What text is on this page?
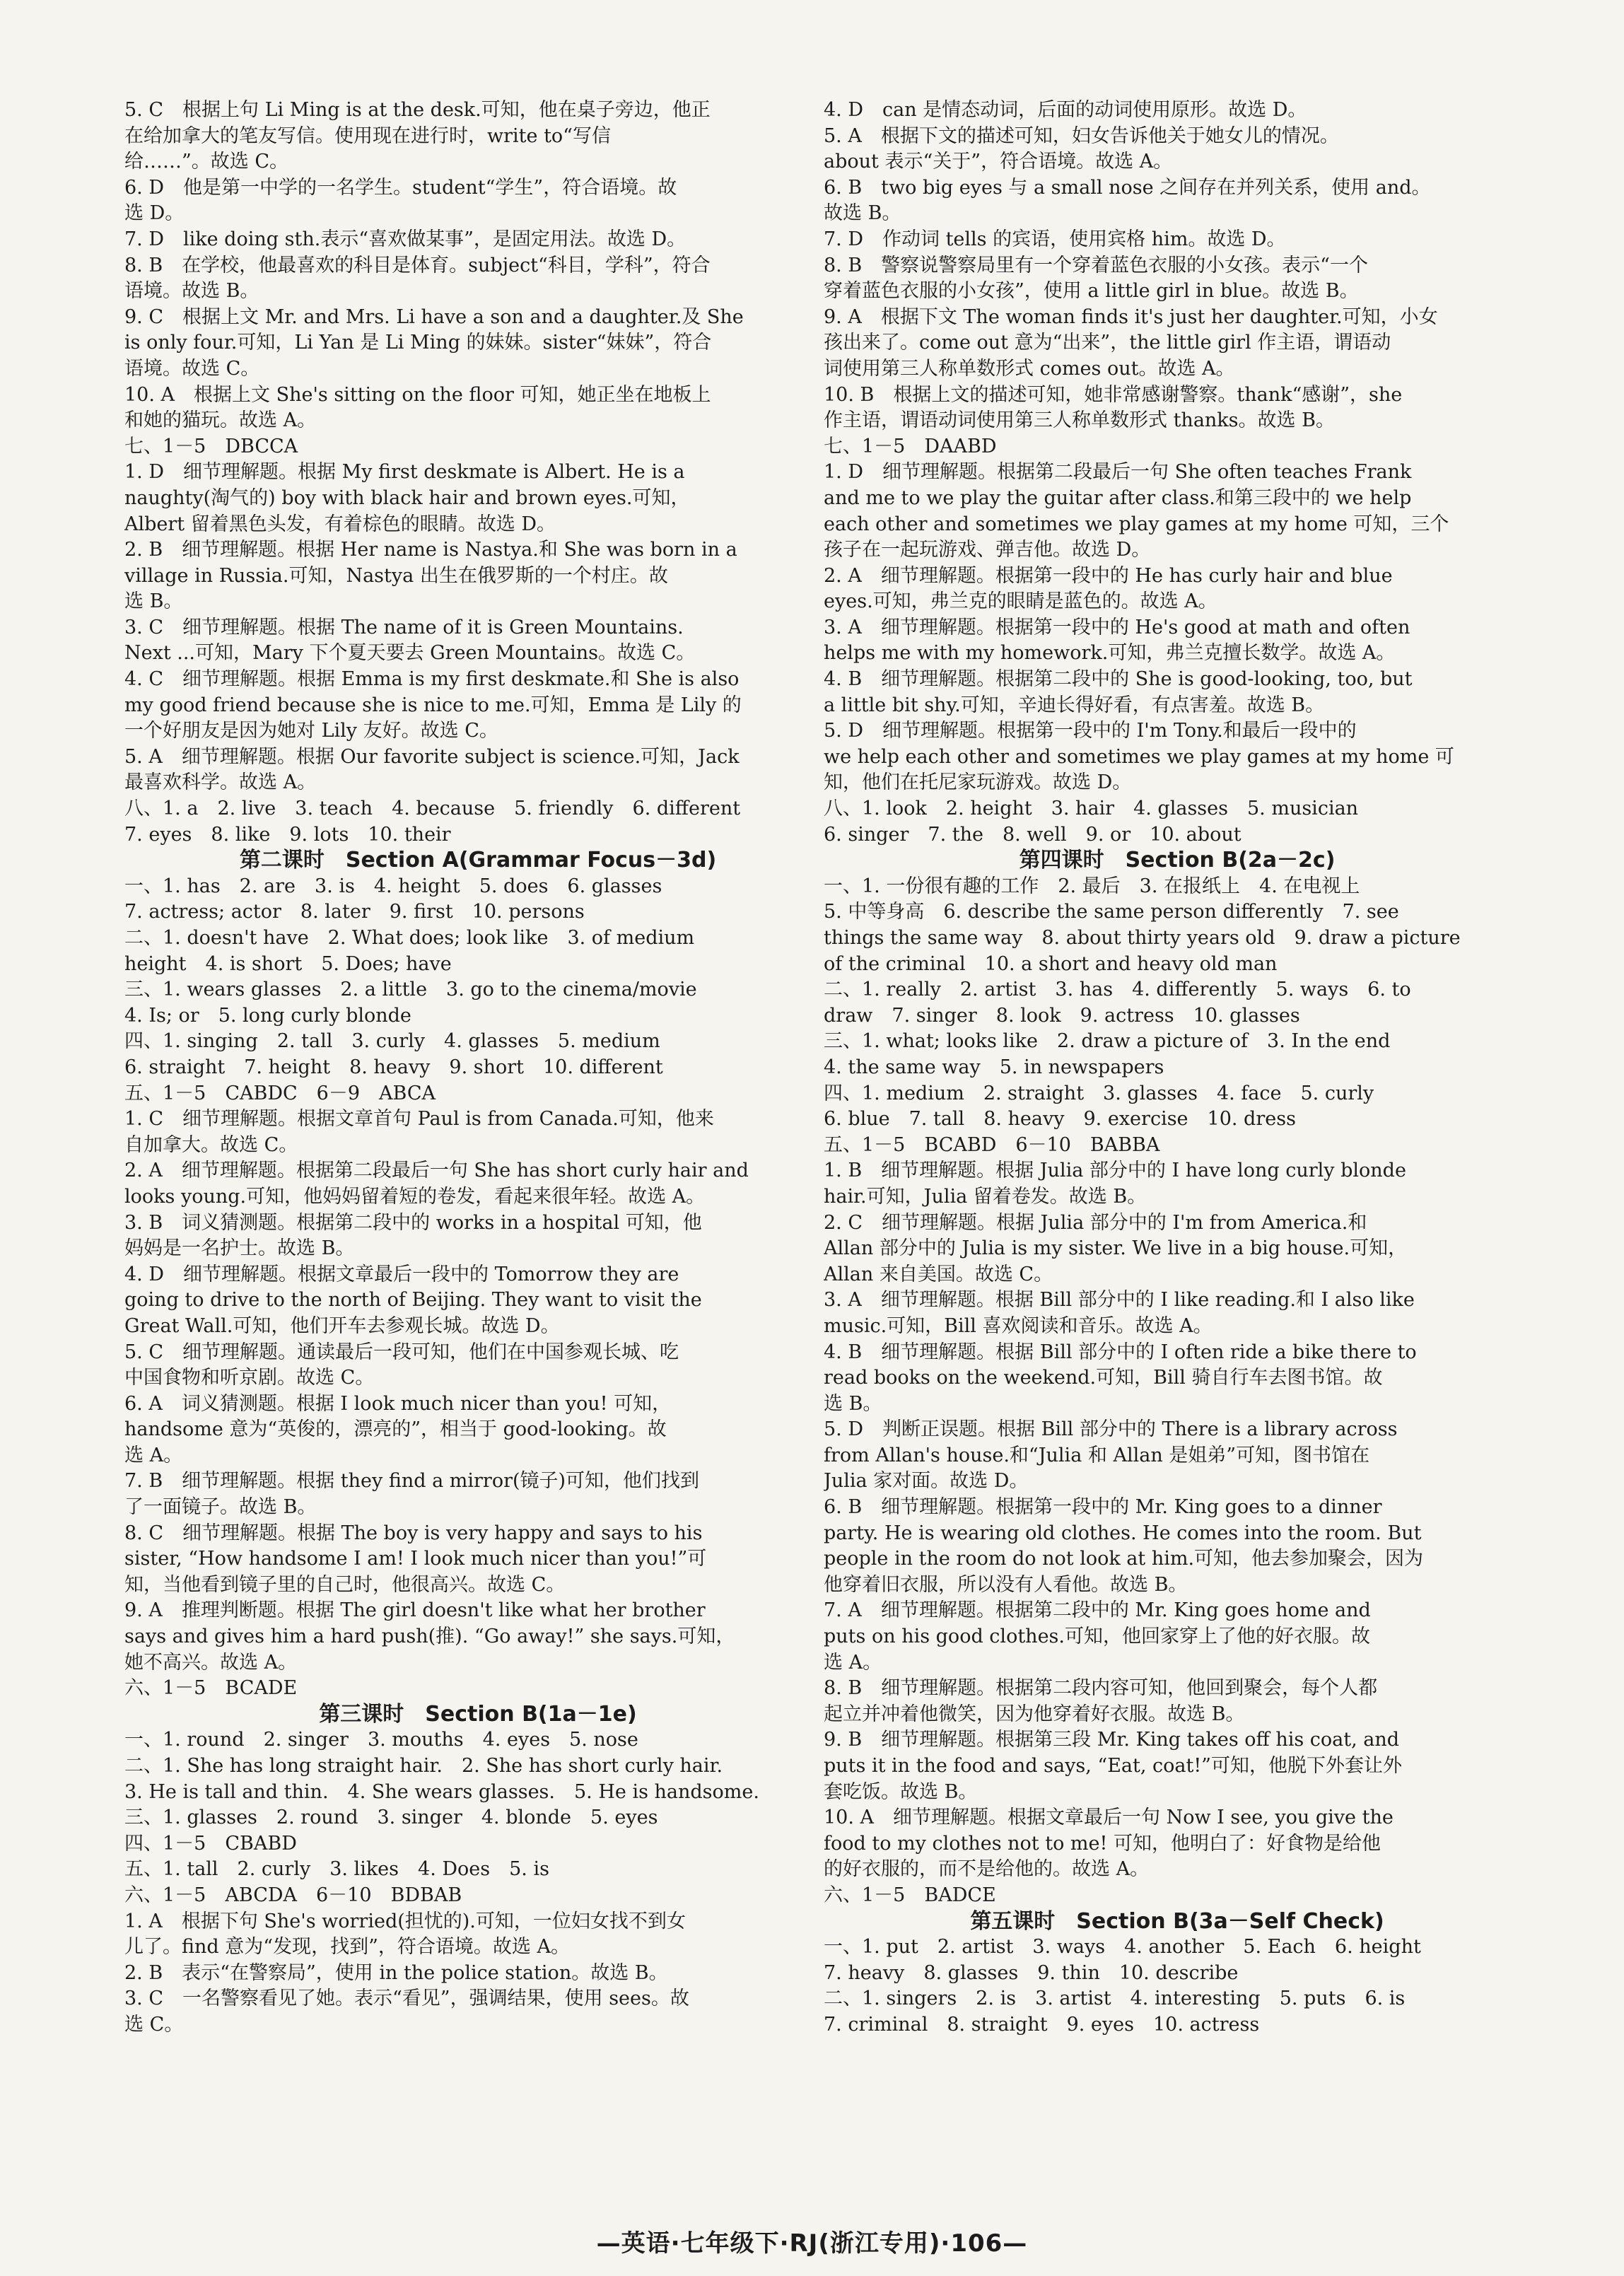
5. C　根据上句 Li Ming is at the desk.可知，他在桌子旁边，他正
在给加拿大的笔友写信。使用现在进行时，write to“写信
给……”。故选 C。
6. D　他是第一中学的一名学生。student“学生”，符合语境。故
选 D。
7. D　like doing sth.表示“喜欢做某事”，是固定用法。故选 D。
8. B　在学校，他最喜欢的科目是体育。subject“科目，学科”，符合
语境。故选 B。
9. C　根据上文 Mr. and Mrs. Li have a son and a daughter.及 She
is only four.可知，Li Yan 是 Li Ming 的妹妹。sister“妹妹”，符合
语境。故选 C。
10. A　根据上文 She's sitting on the floor 可知，她正坐在地板上
和她的猫玩。故选 A。
七、1－5　DBCCA
1. D　细节理解题。根据 My first deskmate is Albert. He is a
naughty(淘气的) boy with black hair and brown eyes.可知，
Albert 留着黑色头发，有着棕色的眼睛。故选 D。
2. B　细节理解题。根据 Her name is Nastya.和 She was born in a
village in Russia.可知，Nastya 出生在俄罗斯的一个村庄。故
选 B。
3. C　细节理解题。根据 The name of it is Green Mountains.
Next ...可知，Mary 下个夏天要去 Green Mountains。故选 C。
4. C　细节理解题。根据 Emma is my first deskmate.和 She is also
my good friend because she is nice to me.可知，Emma 是 Lily 的
一个好朋友是因为她对 Lily 友好。故选 C。
5. A　细节理解题。根据 Our favorite subject is science.可知，Jack
最喜欢科学。故选 A。
八、1. a　2. live　3. teach　4. because　5. friendly　6. different
7. eyes　8. like　9. lots　10. their
第二课时　Section A(Grammar Focus－3d)
一、1. has　2. are　3. is　4. height　5. does　6. glasses
7. actress; actor　8. later　9. first　10. persons
二、1. doesn't have　2. What does; look like　3. of medium
height　4. is short　5. Does; have
三、1. wears glasses　2. a little　3. go to the cinema/movie
4. Is; or　5. long curly blonde
四、1. singing　2. tall　3. curly　4. glasses　5. medium
6. straight　7. height　8. heavy　9. short　10. different
五、1－5　CABDC　6－9　ABCA
1. C　细节理解题。根据文章首句 Paul is from Canada.可知，他来
自加拿大。故选 C。
2. A　细节理解题。根据第二段最后一句 She has short curly hair and
looks young.可知，他妈妈留着短的卷发，看起来很年轻。故选 A。
3. B　词义猜测题。根据第二段中的 works in a hospital 可知，他
妈妈是一名护士。故选 B。
4. D　细节理解题。根据文章最后一段中的 Tomorrow they are
going to drive to the north of Beijing. They want to visit the
Great Wall.可知，他们开车去参观长城。故选 D。
5. C　细节理解题。通读最后一段可知，他们在中国参观长城、吃
中国食物和听京剧。故选 C。
6. A　词义猜测题。根据 I look much nicer than you! 可知，
handsome 意为“英俊的，漂亮的”，相当于 good-looking。故
选 A。
7. B　细节理解题。根据 they find a mirror(镜子)可知，他们找到
了一面镜子。故选 B。
8. C　细节理解题。根据 The boy is very happy and says to his
sister, “How handsome I am! I look much nicer than you!”可
知，当他看到镜子里的自己时，他很高兴。故选 C。
9. A　推理判断题。根据 The girl doesn't like what her brother
says and gives him a hard push(推). “Go away!” she says.可知，
她不高兴。故选 A。
六、1－5　BCADE
第三课时　Section B(1a－1e)
一、1. round　2. singer　3. mouths　4. eyes　5. nose
二、1. She has long straight hair.　2. She has short curly hair.
3. He is tall and thin.　4. She wears glasses.　5. He is handsome.
三、1. glasses　2. round　3. singer　4. blonde　5. eyes
四、1－5　CBABD
五、1. tall　2. curly　3. likes　4. Does　5. is
六、1－5　ABCDA　6－10　BDBAB
1. A　根据下句 She's worried(担忧的).可知，一位妇女找不到女
儿了。find 意为“发现，找到”，符合语境。故选 A。
2. B　表示“在警察局”，使用 in the police station。故选 B。
3. C　一名警察看见了她。表示“看见”，强调结果，使用 sees。故
选 C。
4. D　can 是情态动词，后面的动词使用原形。故选 D。
5. A　根据下文的描述可知，妇女告诉他关于她女儿的情况。
about 表示“关于”，符合语境。故选 A。
6. B　two big eyes 与 a small nose 之间存在并列关系，使用 and。
故选 B。
7. D　作动词 tells 的宾语，使用宾格 him。故选 D。
8. B　警察说警察局里有一个穿着蓝色衣服的小女孩。表示“一个
穿着蓝色衣服的小女孩”，使用 a little girl in blue。故选 B。
9. A　根据下文 The woman finds it's just her daughter.可知，小女
孩出来了。come out 意为“出来”，the little girl 作主语，谓语动
词使用第三人称单数形式 comes out。故选 A。
10. B　根据上文的描述可知，她非常感谢警察。thank“感谢”，she
作主语，谓语动词使用第三人称单数形式 thanks。故选 B。
七、1－5　DAABD
1. D　细节理解题。根据第二段最后一句 She often teaches Frank
and me to we play the guitar after class.和第三段中的 we help
each other and sometimes we play games at my home 可知，三个
孩子在一起玩游戏、弹吉他。故选 D。
2. A　细节理解题。根据第一段中的 He has curly hair and blue
eyes.可知，弗兰克的眼睛是蓝色的。故选 A。
3. A　细节理解题。根据第一段中的 He's good at math and often
helps me with my homework.可知，弗兰克擅长数学。故选 A。
4. B　细节理解题。根据第二段中的 She is good-looking, too, but
a little bit shy.可知，辛迪长得好看，有点害羞。故选 B。
5. D　细节理解题。根据第一段中的 I'm Tony.和最后一段中的
we help each other and sometimes we play games at my home 可
知，他们在托尼家玩游戏。故选 D。
八、1. look　2. height　3. hair　4. glasses　5. musician
6. singer　7. the　8. well　9. or　10. about
第四课时　Section B(2a－2c)
一、1. 一份很有趣的工作　2. 最后　3. 在报纸上　4. 在电视上
5. 中等身高　6. describe the same person differently　7. see
things the same way　8. about thirty years old　9. draw a picture
of the criminal　10. a short and heavy old man
二、1. really　2. artist　3. has　4. differently　5. ways　6. to
draw　7. singer　8. look　9. actress　10. glasses
三、1. what; looks like　2. draw a picture of　3. In the end
4. the same way　5. in newspapers
四、1. medium　2. straight　3. glasses　4. face　5. curly
6. blue　7. tall　8. heavy　9. exercise　10. dress
五、1－5　BCABD　6－10　BABBA
1. B　细节理解题。根据 Julia 部分中的 I have long curly blonde
hair.可知，Julia 留着卷发。故选 B。
2. C　细节理解题。根据 Julia 部分中的 I'm from America.和
Allan 部分中的 Julia is my sister. We live in a big house.可知，
Allan 来自美国。故选 C。
3. A　细节理解题。根据 Bill 部分中的 I like reading.和 I also like
music.可知，Bill 喜欢阅读和音乐。故选 A。
4. B　细节理解题。根据 Bill 部分中的 I often ride a bike there to
read books on the weekend.可知，Bill 骑自行车去图书馆。故
选 B。
5. D　判断正误题。根据 Bill 部分中的 There is a library across
from Allan's house.和“Julia 和 Allan 是姐弟”可知，图书馆在
Julia 家对面。故选 D。
6. B　细节理解题。根据第一段中的 Mr. King goes to a dinner
party. He is wearing old clothes. He comes into the room. But
people in the room do not look at him.可知，他去参加聚会，因为
他穿着旧衣服，所以没有人看他。故选 B。
7. A　细节理解题。根据第二段中的 Mr. King goes home and
puts on his good clothes.可知，他回家穿上了他的好衣服。故
选 A。
8. B　细节理解题。根据第二段内容可知，他回到聚会，每个人都
起立并冲着他微笑，因为他穿着好衣服。故选 B。
9. B　细节理解题。根据第三段 Mr. King takes off his coat, and
puts it in the food and says, “Eat, coat!”可知，他脱下外套让外
套吃饭。故选 B。
10. A　细节理解题。根据文章最后一句 Now I see, you give the
food to my clothes not to me! 可知，他明白了：好食物是给他
的好衣服的，而不是给他的。故选 A。
六、1－5　BADCE
第五课时　Section B(3a－Self Check)
一、1. put　2. artist　3. ways　4. another　5. Each　6. height
7. heavy　8. glasses　9. thin　10. describe
二、1. singers　2. is　3. artist　4. interesting　5. puts　6. is
7. criminal　8. straight　9. eyes　10. actress
—英语·七年级下·RJ(浙江专用)·106—
